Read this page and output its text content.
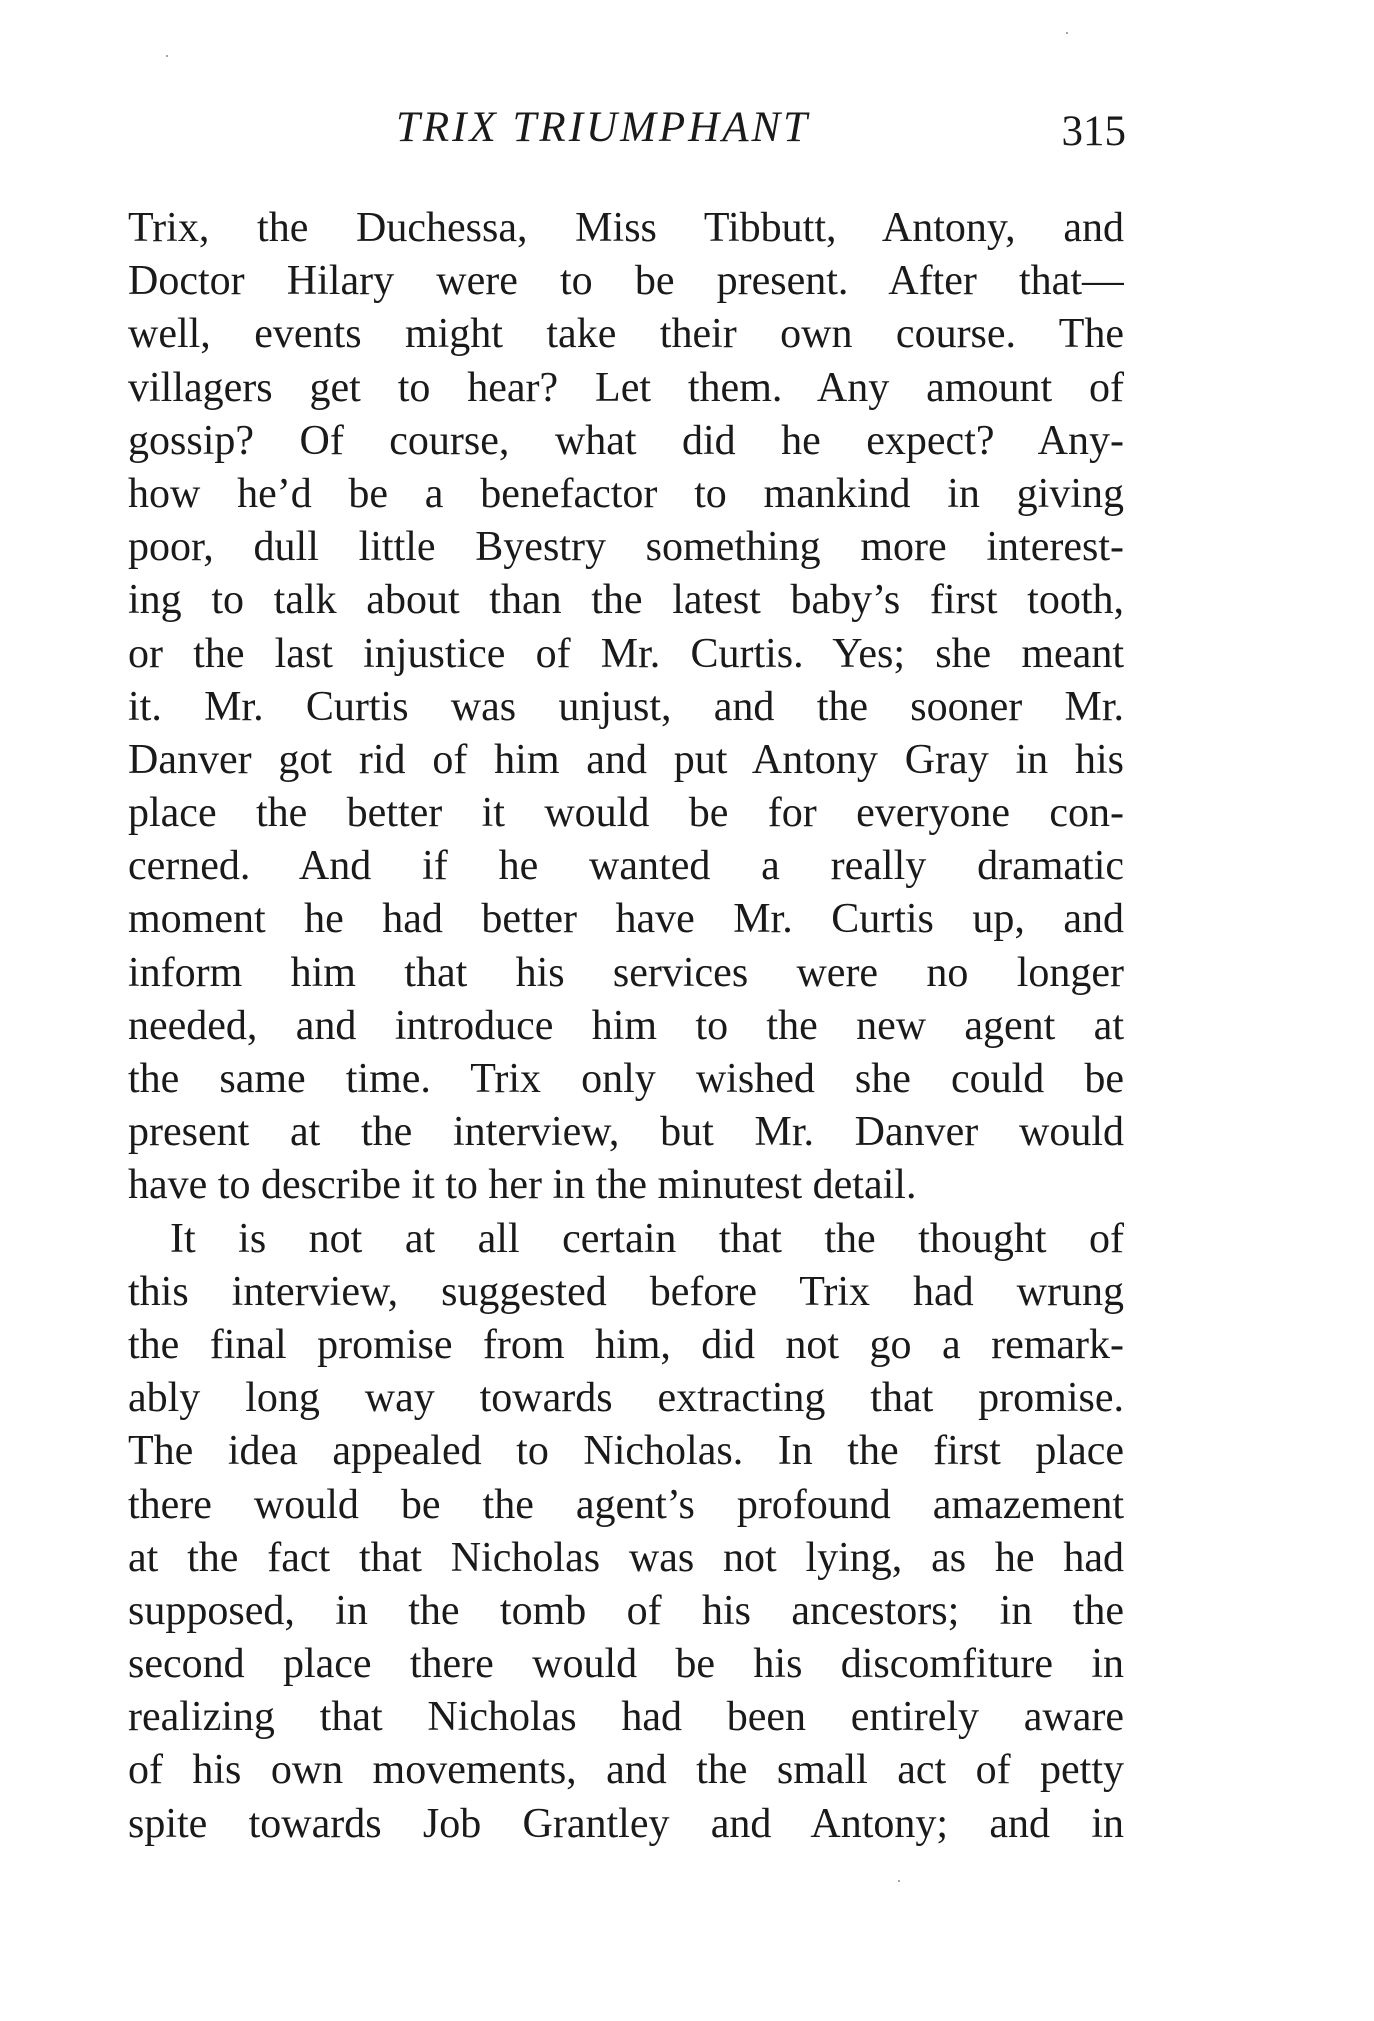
TRIX TRIUMPHANT	315
Trix, the Duchessa, Miss Tibbutt, Antony, and
Doctor Hilary were to be present. After that—
well, events might take their own course. The
villagers get to hear? Let them. Any amount of
gossip? Of course, what did he expect? Any-
how he’d be a benefactor to mankind in giving
poor, dull little Byestry something more interest-
ing to talk about than the latest baby’s first tooth,
or the last injustice of Mr. Curtis. Yes; she meant
it. Mr. Curtis was unjust, and the sooner Mr.
Danver got rid of him and put Antony Gray in his
place the better it would be for everyone con-
cerned. And if he wanted a really dramatic
moment he had better have Mr. Curtis up, and
inform him that his services were no longer
needed, and introduce him to the new agent at
the same time. Trix only wished she could be
present at the interview, but Mr. Danver would
have to describe it to her in the minutest detail.
It is not at all certain that the thought of
this interview, suggested before Trix had wrung
the final promise from him, did not go a remark-
ably long way towards extracting that promise.
The idea appealed to Nicholas. In the first place
there would be the agent’s profound amazement
at the fact that Nicholas was not lying, as he had
supposed, in the tomb of his ancestors; in the
second place there would be his discomfiture in
realizing that Nicholas had been entirely aware
of his own movements, and the small act of petty
spite towards Job Grantley and Antony; and in
